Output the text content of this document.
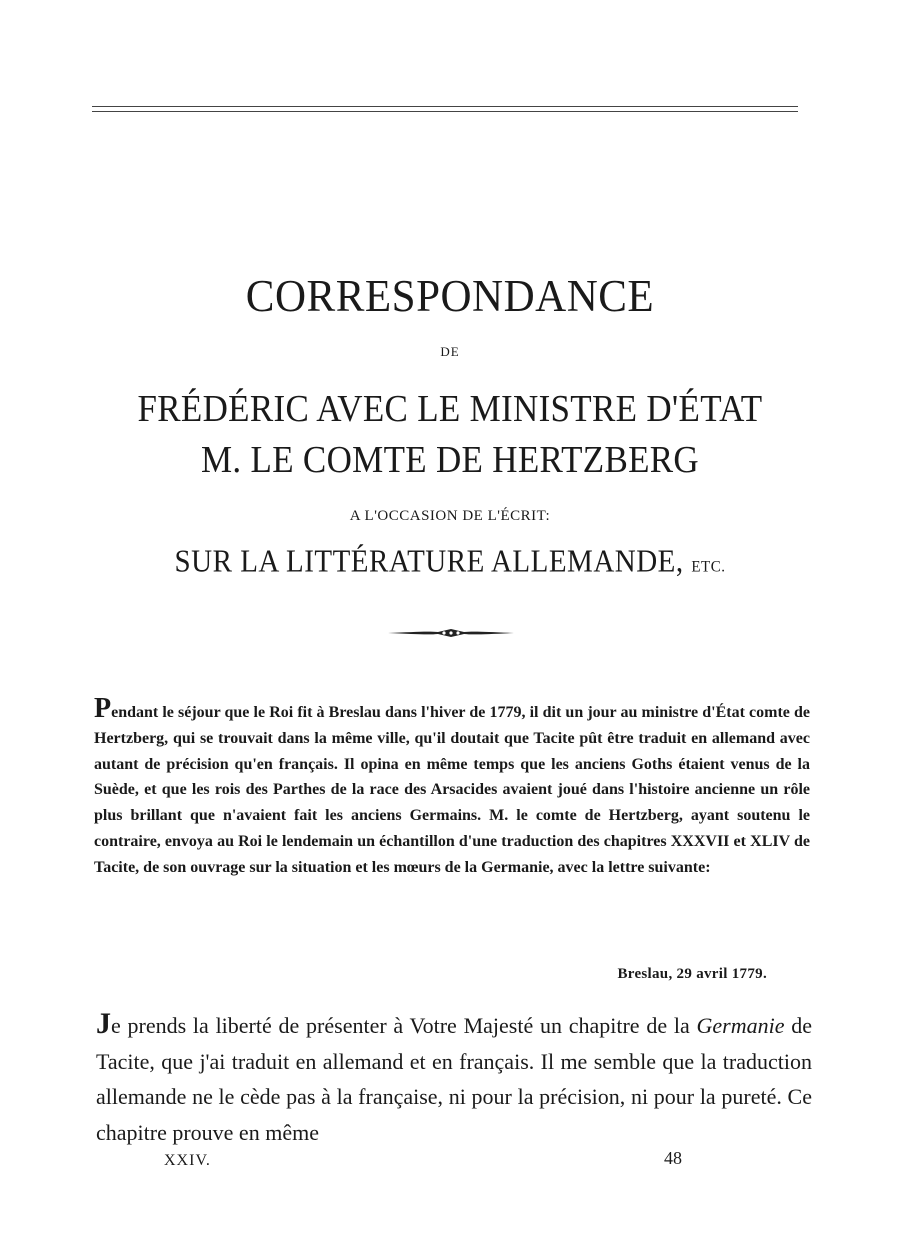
CORRESPONDANCE
DE
FRÉDÉRIC AVEC LE MINISTRE D'ÉTAT
M. LE COMTE DE HERTZBERG
A L'OCCASION DE L'ÉCRIT:
SUR LA LITTÉRATURE ALLEMANDE, ETC.

Pendant le séjour que le Roi fit à Breslau dans l'hiver de 1779, il dit un jour au ministre d'État comte de Hertzberg, qui se trouvait dans la même ville, qu'il doutait que Tacite pût être traduit en allemand avec autant de précision qu'en français. Il opina en même temps que les anciens Goths étaient venus de la Suède, et que les rois des Parthes de la race des Arsacides avaient joué dans l'histoire ancienne un rôle plus brillant que n'avaient fait les anciens Germains. M. le comte de Hertzberg, ayant soutenu le contraire, envoya au Roi le lendemain un échantillon d'une traduction des chapitres XXXVII et XLIV de Tacite, de son ouvrage sur la situation et les mœurs de la Germanie, avec la lettre suivante:

Breslau, 29 avril 1779.

Je prends la liberté de présenter à Votre Majesté un chapitre de la Germanie de Tacite, que j'ai traduit en allemand et en français. Il me semble que la traduction allemande ne le cède pas à la française, ni pour la précision, ni pour la pureté. Ce chapitre prouve en même

XXIV.	48
